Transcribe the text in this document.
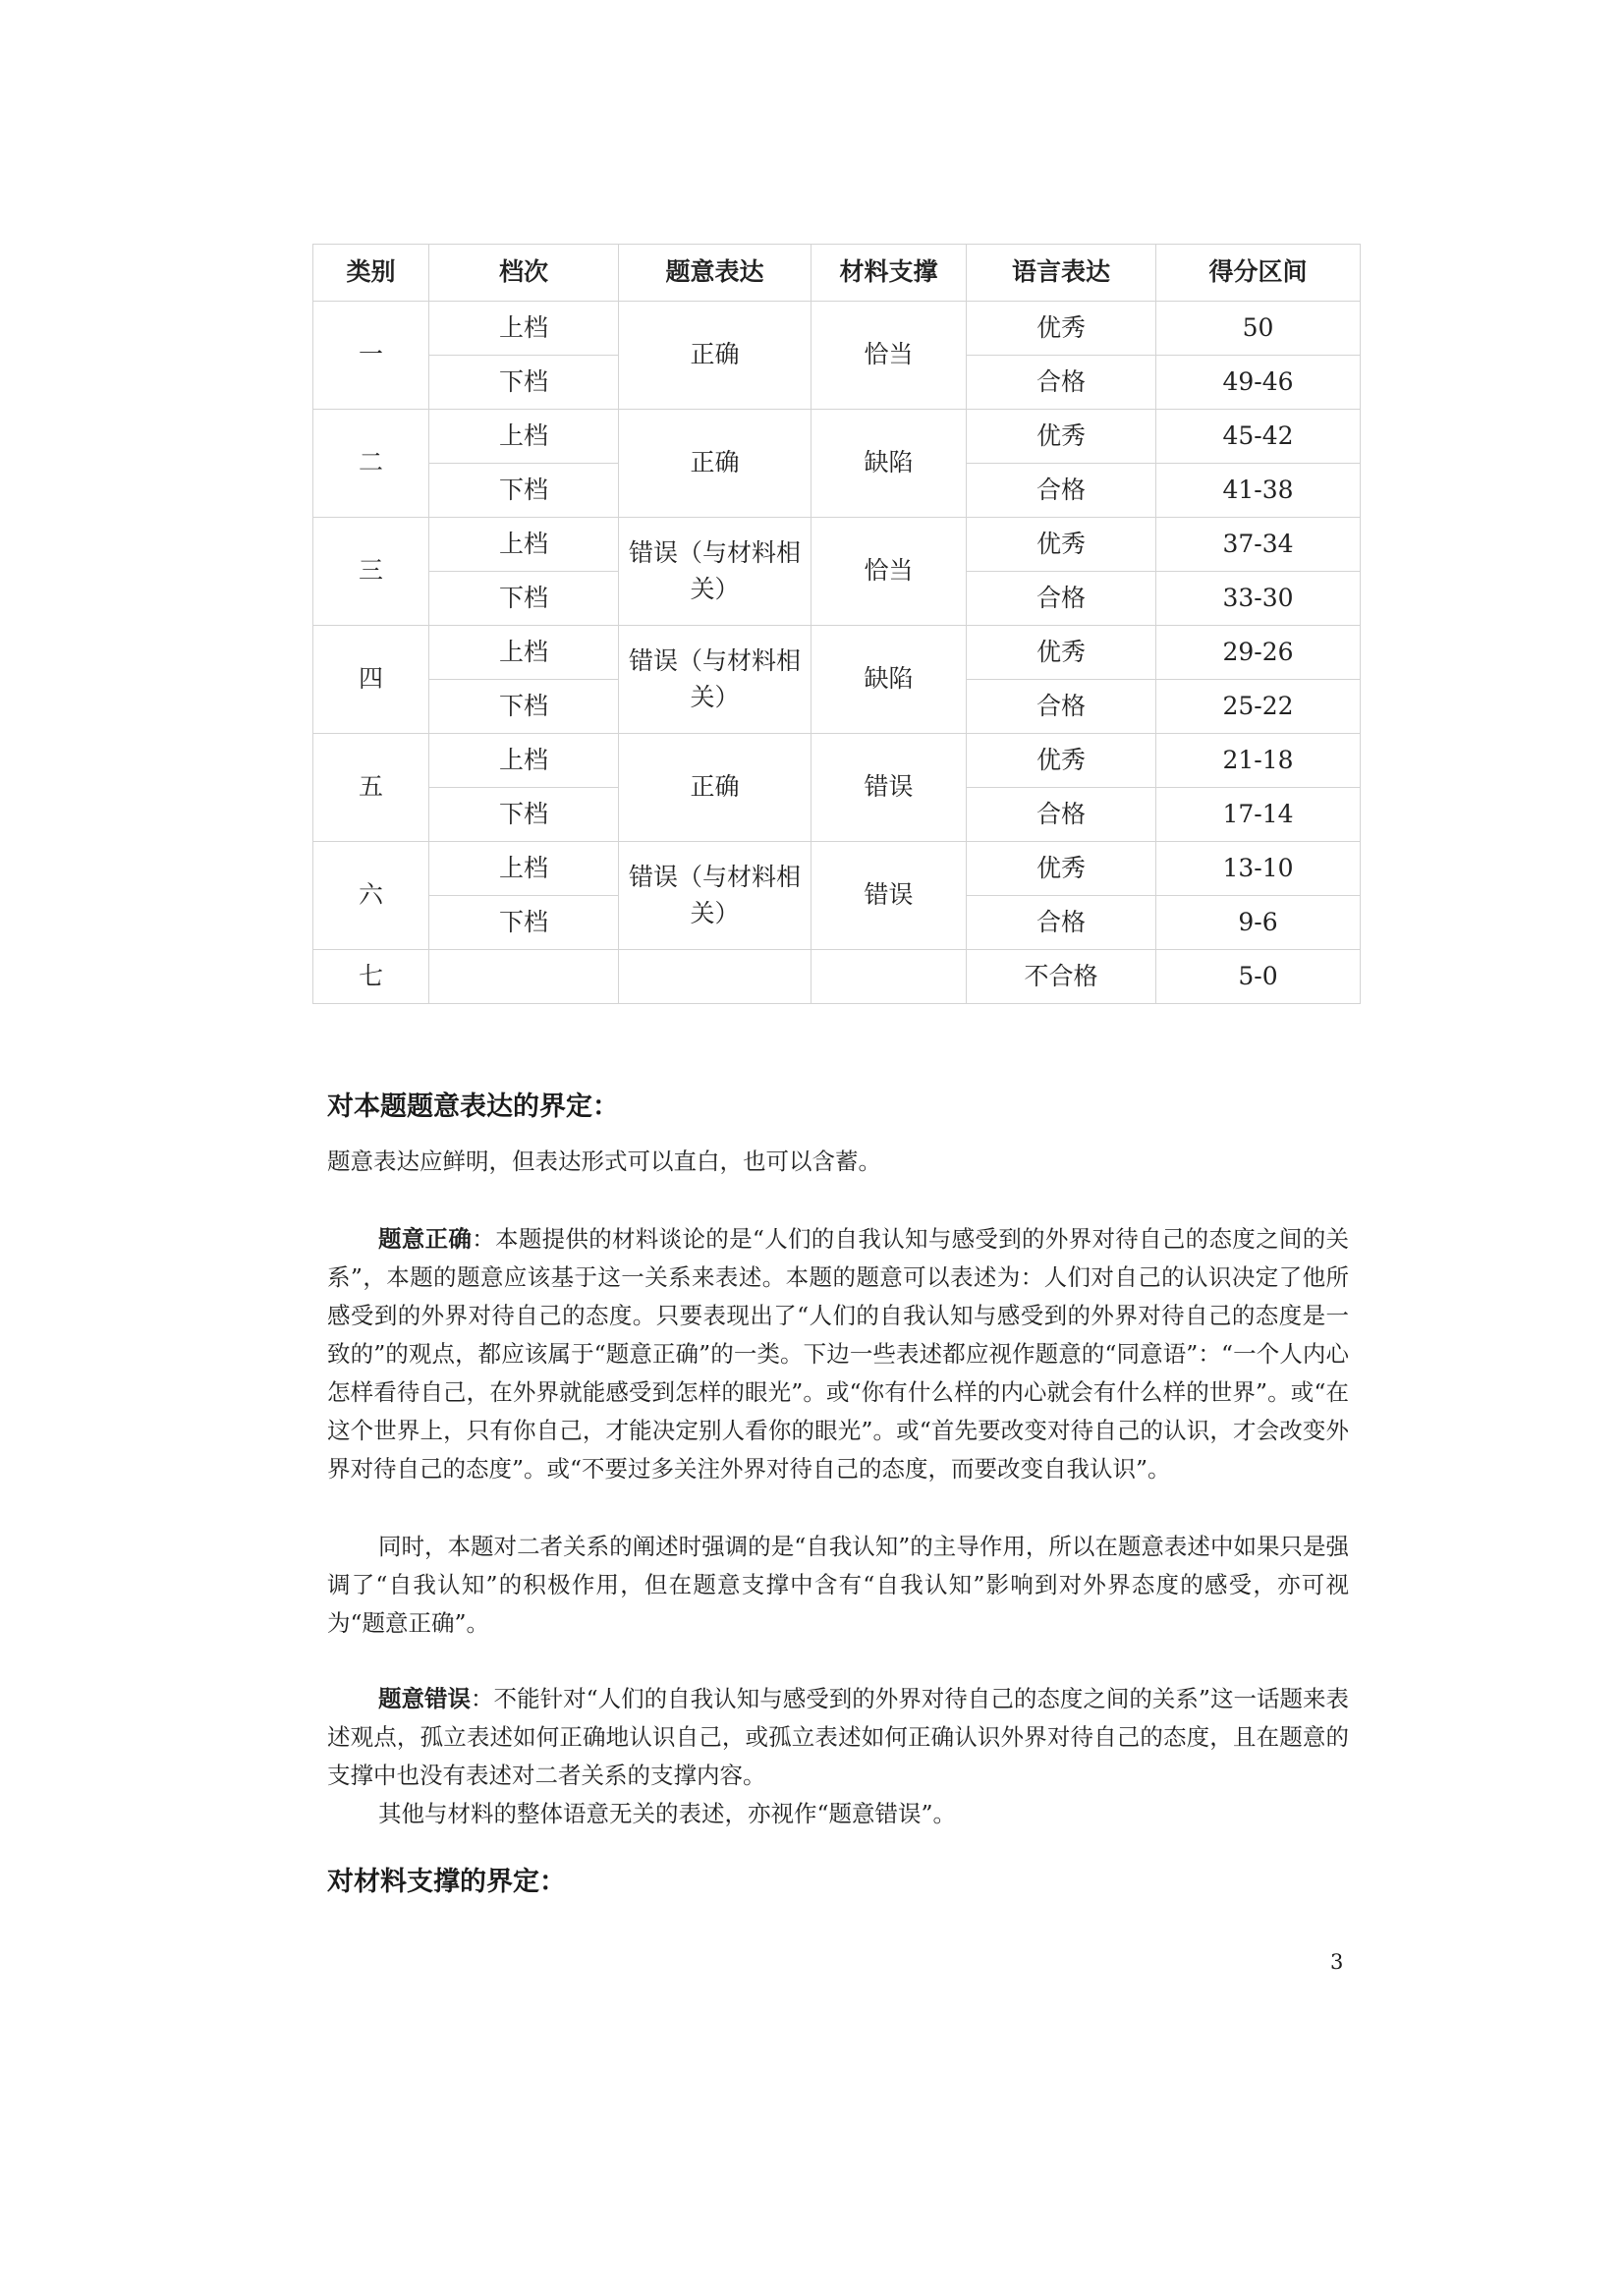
类别	档次	题意表达	材料支撑	语言表达	得分区间
一	上档	正确	恰当	优秀	50
	下档			合格	49-46
二	上档	正确	缺陷	优秀	45-42
	下档			合格	41-38
三	上档	错误（与材料相关）	恰当	优秀	37-34
	下档			合格	33-30
四	上档	错误（与材料相关）	缺陷	优秀	29-26
	下档			合格	25-22
五	上档	正确	错误	优秀	21-18
	下档			合格	17-14
六	上档	错误（与材料相关）	错误	优秀	13-10
	下档			合格	9-6
七				不合格	5-0
对本题题意表达的界定：

题意表达应鲜明，但表达形式可以直白，也可以含蓄。

题意正确：本题提供的材料谈论的是“人们的自我认知与感受到的外界对待自己的态度之间的关系”，本题的题意应该基于这一关系来表述。本题的题意可以表述为：人们对自己的认识决定了他所感受到的外界对待自己的态度。只要表现出了“人们的自我认知与感受到的外界对待自己的态度是一致的”的观点，都应该属于“题意正确”的一类。下边一些表述都应视作题意的“同意语”：“一个人内心怎样看待自己，在外界就能感受到怎样的眼光”。或“你有什么样的内心就会有什么样的世界”。或“在这个世界上，只有你自己，才能决定别人看你的眼光”。或“首先要改变对待自己的认识，才会改变外界对待自己的态度”。或“不要过多关注外界对待自己的态度，而要改变自我认识”。

同时，本题对二者关系的阐述时强调的是“自我认知”的主导作用，所以在题意表述中如果只是强调了“自我认知”的积极作用，但在题意支撑中含有“自我认知”影响到对外界态度的感受，亦可视为“题意正确”。

题意错误：不能针对“人们的自我认知与感受到的外界对待自己的态度之间的关系”这一话题来表述观点，孤立表述如何正确地认识自己，或孤立表述如何正确认识外界对待自己的态度，且在题意的支撑中也没有表述对二者关系的支撑内容。

其他与材料的整体语意无关的表述，亦视作“题意错误”。

对材料支撑的界定：
3
